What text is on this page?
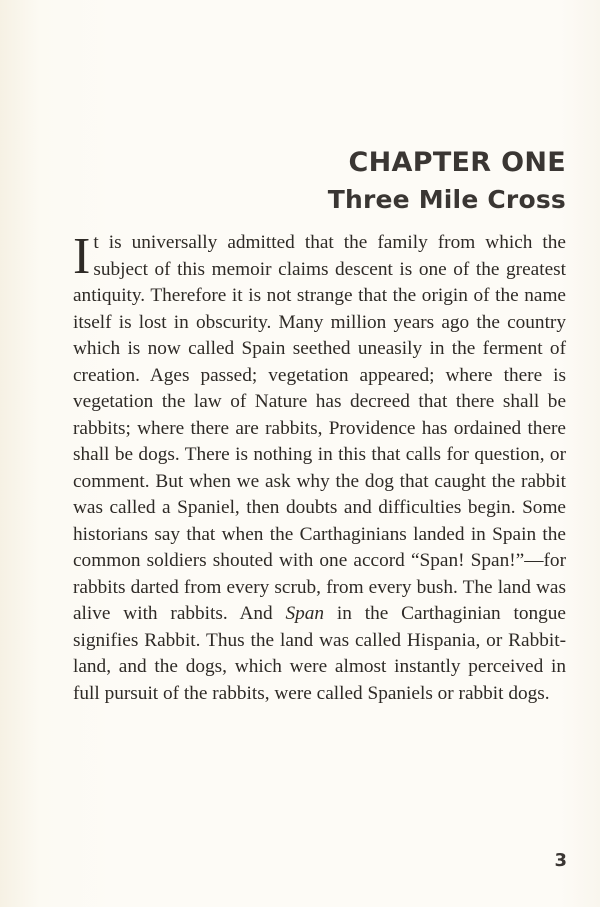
CHAPTER ONE
Three Mile Cross

It is universally admitted that the family from which the subject of this memoir claims descent is one of the greatest antiquity. Therefore it is not strange that the origin of the name itself is lost in obscurity. Many million years ago the country which is now called Spain seethed uneasily in the ferment of creation. Ages passed; vegetation appeared; where there is vegetation the law of Nature has decreed that there shall be rabbits; where there are rabbits, Providence has ordained there shall be dogs. There is nothing in this that calls for question, or comment. But when we ask why the dog that caught the rabbit was called a Spaniel, then doubts and difficulties begin. Some historians say that when the Carthaginians landed in Spain the common soldiers shouted with one accord “Span! Span!”—for rabbits darted from every scrub, from every bush. The land was alive with rabbits. And Span in the Carthaginian tongue signifies Rabbit. Thus the land was called Hispania, or Rabbit-land, and the dogs, which were almost instantly perceived in full pursuit of the rabbits, were called Spaniels or rabbit dogs.

3
